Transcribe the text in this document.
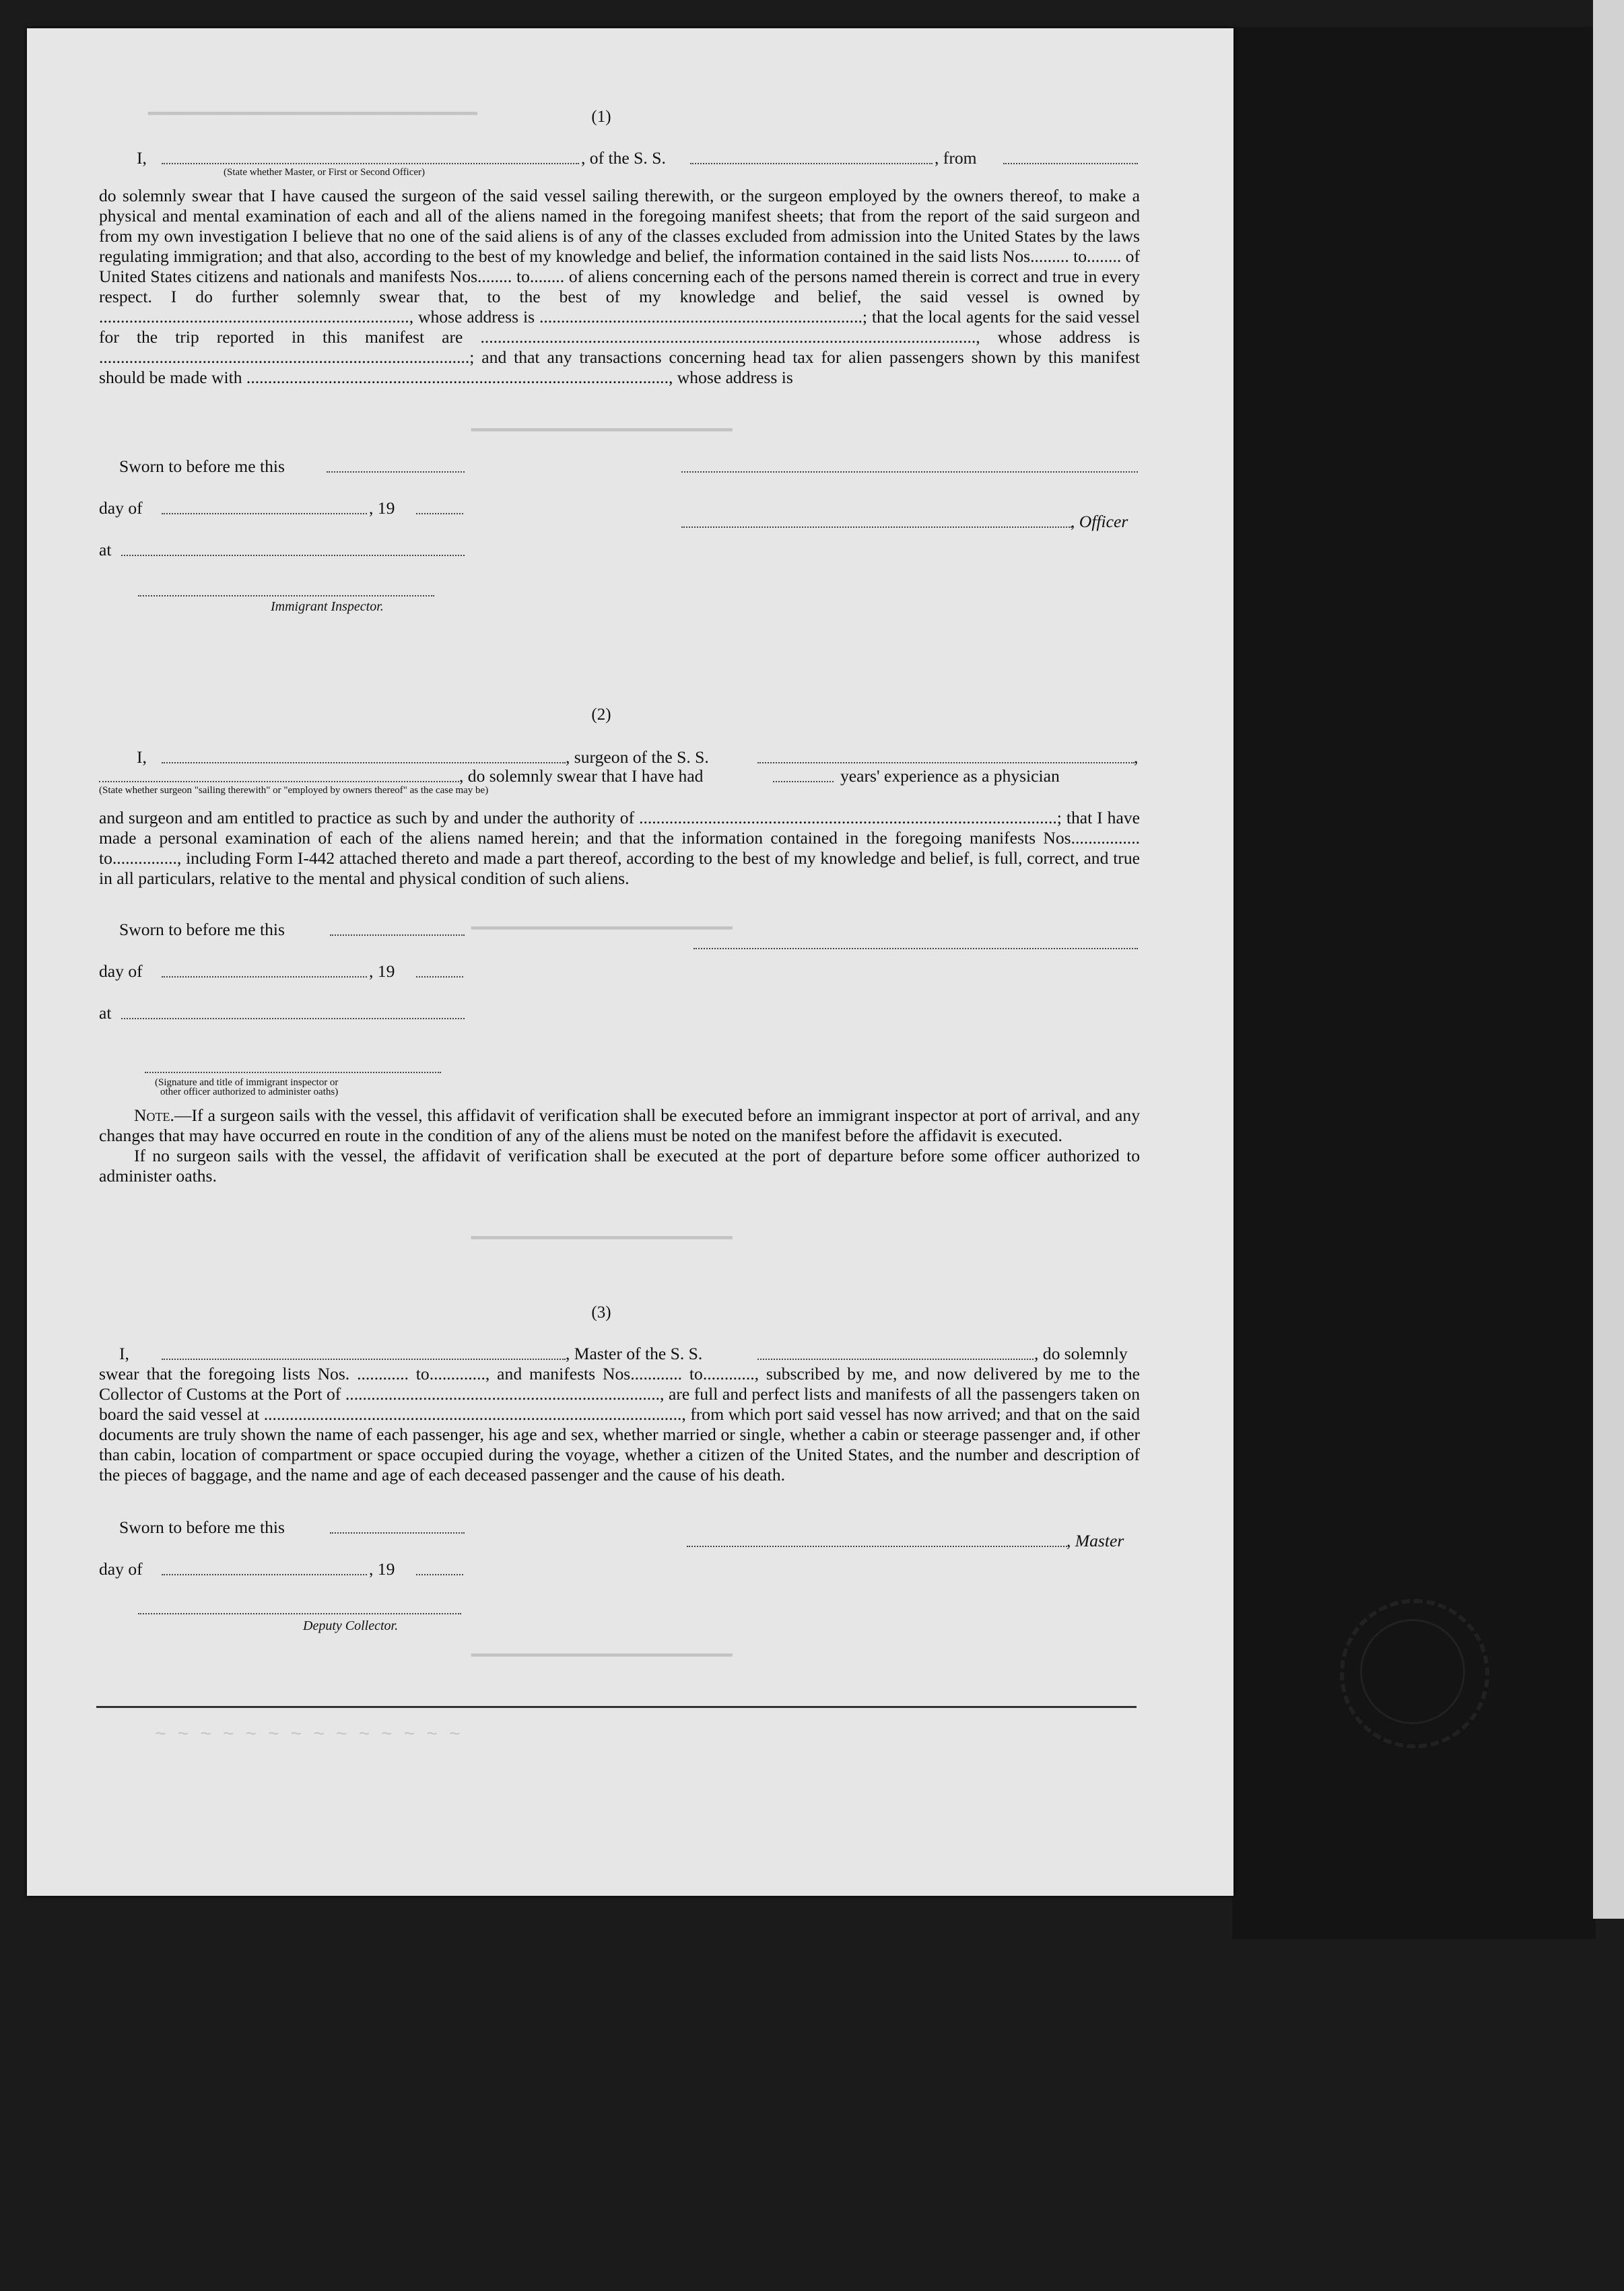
━━━━━━━━━━━━━━━━━━━━━━━━━━━━━
━━━━━━━━━━━━━━━━━━━━━━━
━━━━━━━━━━━━━━━━━━━━━━━
━━━━━━━━━━━━━━━━━━━━━━━
━━━━━━━━━━━━━━━━━━━━━━━
(1)
I,	, of the S. S.	, from
(State whether Master, or First or Second Officer)

do solemnly swear that I have caused the surgeon of the said vessel sailing therewith, or the surgeon employed by the owners thereof, to make a physical and mental examination of each and all of the aliens named in the foregoing manifest sheets; that from the report of the said surgeon and from my own investigation I believe that no one of the said aliens is of any of the classes excluded from admission into the United States by the laws regulating immigration; and that also, according to the best of my knowledge and belief, the information contained in the said lists Nos......... to........ of United States citizens and nationals and manifests Nos........ to........ of aliens concerning each of the persons named therein is correct and true in every respect. I do further solemnly swear that, to the best of my knowledge and belief, the said vessel is owned by ........................................................................, whose address is ...........................................................................; that the local agents for the said vessel for the trip reported in this manifest are ..................................................................................................................., whose address is ......................................................................................; and that any transactions concerning head tax for alien passengers shown by this manifest should be made with .................................................................................................., whose address is

Sworn to before me this
day of	, 19
, Officer
at
Immigrant Inspector.
(2)
I,	, surgeon of the S. S.	,
, do solemnly swear that I have had	years' experience as a physician
(State whether surgeon "sailing therewith" or "employed by owners thereof" as the case may be)

and surgeon and am entitled to practice as such by and under the authority of .................................................................................................; that I have made a personal examination of each of the aliens named herein; and that the information contained in the foregoing manifests Nos................ to..............., including Form I-442 attached thereto and made a part thereof, according to the best of my knowledge and belief, is full, correct, and true in all particulars, relative to the mental and physical condition of such aliens.

Sworn to before me this
day of	, 19
at
(Signature and title of immigrant inspector or
other officer authorized to administer oaths)

Note.—If a surgeon sails with the vessel, this affidavit of verification shall be executed before an immigrant inspector at port of arrival, and any changes that may have occurred en route in the condition of any of the aliens must be noted on the manifest before the affidavit is executed.

If no surgeon sails with the vessel, the affidavit of verification shall be executed at the port of departure before some officer authorized to administer oaths.

(3)
I,	, Master of the S. S.	, do solemnly

swear that the foregoing lists Nos. ............ to............., and manifests Nos............ to............, subscribed by me, and now delivered by me to the Collector of Customs at the Port of ........................................................................., are full and perfect lists and manifests of all the passengers taken on board the said vessel at ................................................................................................., from which port said vessel has now arrived; and that on the said documents are truly shown the name of each passenger, his age and sex, whether married or single, whether a cabin or steerage passenger and, if other than cabin, location of compartment or space occupied during the voyage, whether a citizen of the United States, and the number and description of the pieces of baggage, and the name and age of each deceased passenger and the cause of his death.

Sworn to before me this
, Master
day of	, 19
Deputy Collector.
~ ~ ~ ~ ~ ~ ~ ~ ~ ~ ~ ~ ~ ~
